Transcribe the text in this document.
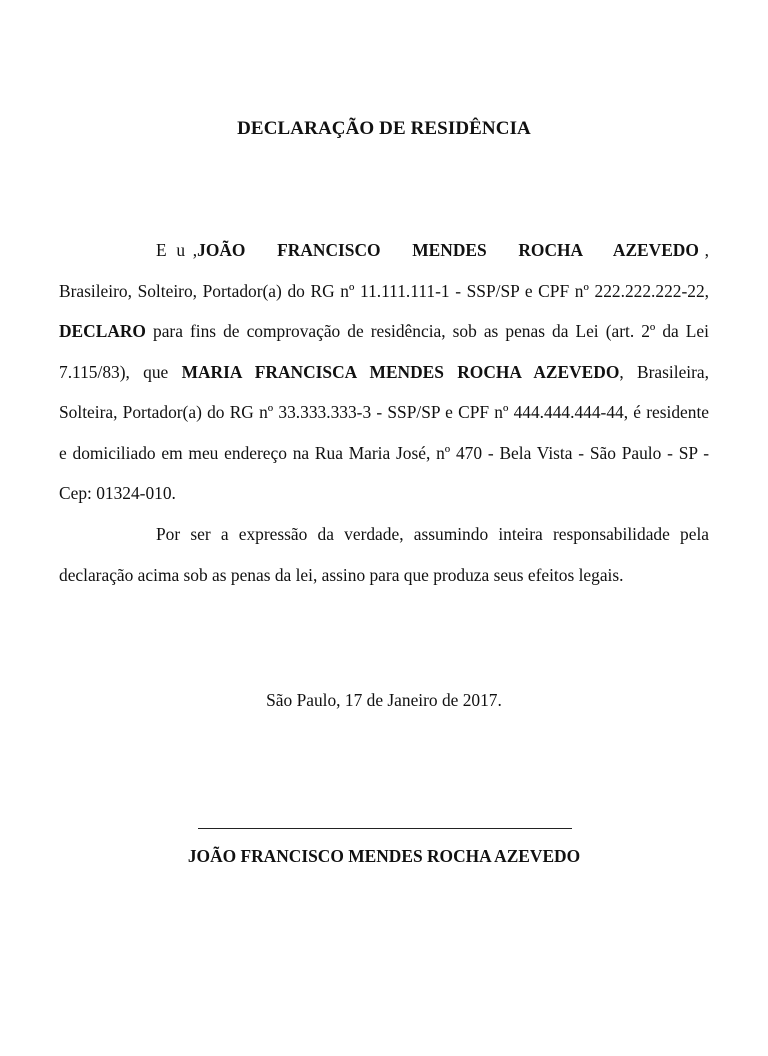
DECLARAÇÃO DE RESIDÊNCIA
E u ,JOÃO FRANCISCO MENDES ROCHA AZEVEDO , Brasileiro, Solteiro, Portador(a) do RG nº 11.111.111-1 - SSP/SP e CPF nº 222.222.222-22, DECLARO para fins de comprovação de residência, sob as penas da Lei (art. 2º da Lei 7.115/83), que MARIA FRANCISCA MENDES ROCHA AZEVEDO, Brasileira, Solteira, Portador(a) do RG nº 33.333.333-3 - SSP/SP e CPF nº 444.444.444-44, é residente e domiciliado em meu endereço na Rua Maria José, nº 470 - Bela Vista - São Paulo - SP - Cep: 01324-010.
Por ser a expressão da verdade, assumindo inteira responsabilidade pela declaração acima sob as penas da lei, assino para que produza seus efeitos legais.
São Paulo, 17 de Janeiro de 2017.
JOÃO FRANCISCO MENDES ROCHA AZEVEDO
